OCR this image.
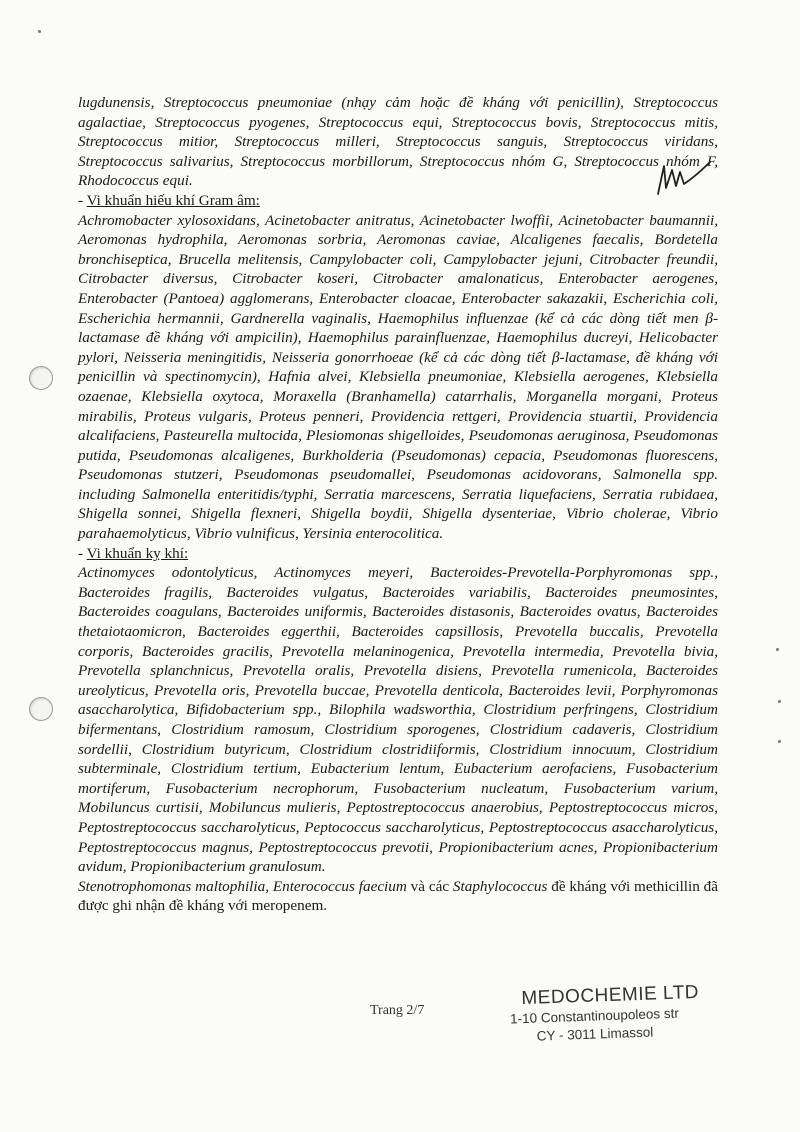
lugdunensis, Streptococcus pneumoniae (nhạy cảm hoặc đề kháng với penicillin), Streptococcus agalactiae, Streptococcus pyogenes, Streptococcus equi, Streptococcus bovis, Streptococcus mitis, Streptococcus mitior, Streptococcus milleri, Streptococcus sanguis, Streptococcus viridans, Streptococcus salivarius, Streptococcus morbillorum, Streptococcus nhóm G, Streptococcus nhóm F, Rhodococcus equi.

- Vi khuẩn hiếu khí Gram âm:

Achromobacter xylosoxidans, Acinetobacter anitratus, Acinetobacter lwoffii, Acinetobacter baumannii, Aeromonas hydrophila, Aeromonas sorbria, Aeromonas caviae, Alcaligenes faecalis, Bordetella bronchiseptica, Brucella melitensis, Campylobacter coli, Campylobacter jejuni, Citrobacter freundii, Citrobacter diversus, Citrobacter koseri, Citrobacter amalonaticus, Enterobacter aerogenes, Enterobacter (Pantoea) agglomerans, Enterobacter cloacae, Enterobacter sakazakii, Escherichia coli, Escherichia hermannii, Gardnerella vaginalis, Haemophilus influenzae (kể cả các dòng tiết men β-lactamase đề kháng với ampicilin), Haemophilus parainfluenzae, Haemophilus ducreyi, Helicobacter pylori, Neisseria meningitidis, Neisseria gonorrhoeae (kể cả các dòng tiết β-lactamase, đề kháng với penicillin và spectinomycin), Hafnia alvei, Klebsiella pneumoniae, Klebsiella aerogenes, Klebsiella ozaenae, Klebsiella oxytoca, Moraxella (Branhamella) catarrhalis, Morganella morgani, Proteus mirabilis, Proteus vulgaris, Proteus penneri, Providencia rettgeri, Providencia stuartii, Providencia alcalifaciens, Pasteurella multocida, Plesiomonas shigelloides, Pseudomonas aeruginosa, Pseudomonas putida, Pseudomonas alcaligenes, Burkholderia (Pseudomonas) cepacia, Pseudomonas fluorescens, Pseudomonas stutzeri, Pseudomonas pseudomallei, Pseudomonas acidovorans, Salmonella spp. including Salmonella enteritidis/typhi, Serratia marcescens, Serratia liquefaciens, Serratia rubidaea, Shigella sonnei, Shigella flexneri, Shigella boydii, Shigella dysenteriae, Vibrio cholerae, Vibrio parahaemolyticus, Vibrio vulnificus, Yersinia enterocolitica.

- Vi khuẩn kỵ khí:

Actinomyces odontolyticus, Actinomyces meyeri, Bacteroides-Prevotella-Porphyromonas spp., Bacteroides fragilis, Bacteroides vulgatus, Bacteroides variabilis, Bacteroides pneumosintes, Bacteroides coagulans, Bacteroides uniformis, Bacteroides distasonis, Bacteroides ovatus, Bacteroides thetaiotaomicron, Bacteroides eggerthii, Bacteroides capsillosis, Prevotella buccalis, Prevotella corporis, Bacteroides gracilis, Prevotella melaninogenica, Prevotella intermedia, Prevotella bivia, Prevotella splanchnicus, Prevotella oralis, Prevotella disiens, Prevotella rumenicola, Bacteroides ureolyticus, Prevotella oris, Prevotella buccae, Prevotella denticola, Bacteroides levii, Porphyromonas asaccharolytica, Bifidobacterium spp., Bilophila wadsworthia, Clostridium perfringens, Clostridium bifermentans, Clostridium ramosum, Clostridium sporogenes, Clostridium cadaveris, Clostridium sordellii, Clostridium butyricum, Clostridium clostridiiformis, Clostridium innocuum, Clostridium subterminale, Clostridium tertium, Eubacterium lentum, Eubacterium aerofaciens, Fusobacterium mortiferum, Fusobacterium necrophorum, Fusobacterium nucleatum, Fusobacterium varium, Mobiluncus curtisii, Mobiluncus mulieris, Peptostreptococcus anaerobius, Peptostreptococcus micros, Peptostreptococcus saccharolyticus, Peptococcus saccharolyticus, Peptostreptococcus asaccharolyticus, Peptostreptococcus magnus, Peptostreptococcus prevotii, Propionibacterium acnes, Propionibacterium avidum, Propionibacterium granulosum.

Stenotrophomonas maltophilia, Enterococcus faecium và các Staphylococcus đề kháng với methicillin đã được ghi nhận đề kháng với meropenem.

Trang 2/7
MEDOCHEMIE LTD
1-10 Constantinoupoleos str
CY - 3011 Limassol
